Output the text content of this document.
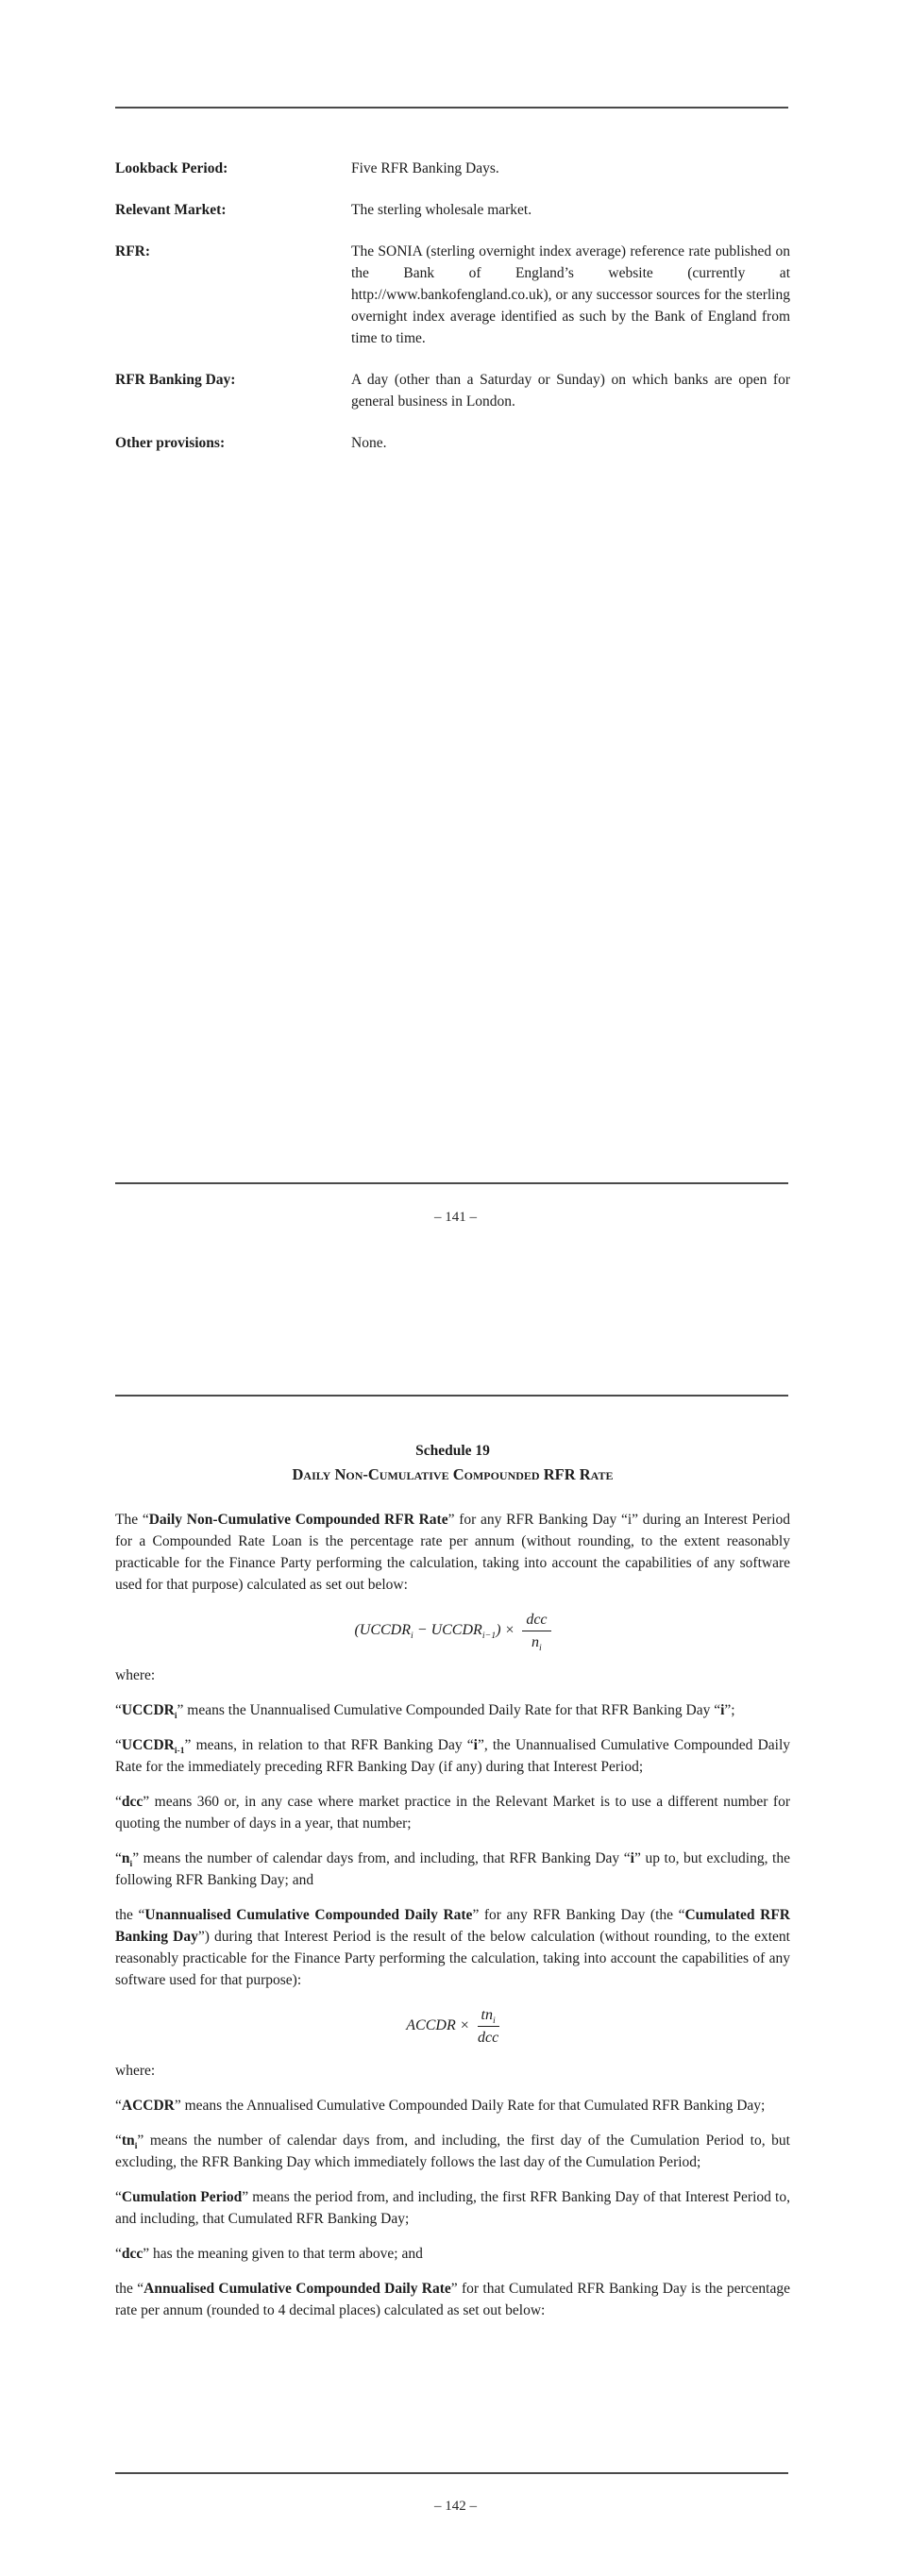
Lookback Period:	Five RFR Banking Days.
Relevant Market:	The sterling wholesale market.
RFR:	The SONIA (sterling overnight index average) reference rate published on the Bank of England’s website (currently at http://www.bankofengland.co.uk), or any successor sources for the sterling overnight index average identified as such by the Bank of England from time to time.
RFR Banking Day:	A day (other than a Saturday or Sunday) on which banks are open for general business in London.
Other provisions:	None.
– 141 –
Schedule 19
Daily Non-Cumulative Compounded RFR Rate

The “Daily Non-Cumulative Compounded RFR Rate” for any RFR Banking Day “i” during an Interest Period for a Compounded Rate Loan is the percentage rate per annum (without rounding, to the extent reasonably practicable for the Finance Party performing the calculation, taking into account the capabilities of any software used for that purpose) calculated as set out below:

($UCCDR_i$ − $UCCDR_{i-1}) \times \frac{\text{dcc}}{n_i}$

where:

“$UCCDR_i$” means the Unannualised Cumulative Compounded Daily Rate for that RFR Banking Day “i”;

“$UCCDR_{i-1}$” means, in relation to that RFR Banking Day “i”, the Unannualised Cumulative Compounded Daily Rate for the immediately preceding RFR Banking Day (if any) during that Interest Period;

“dcc” means 360 or, in any case where market practice in the Relevant Market is to use a different number for quoting the number of days in a year, that number;

“$n_i$” means the number of calendar days from, and including, that RFR Banking Day “i” up to, but excluding, the following RFR Banking Day; and

the “Unannualised Cumulative Compounded Daily Rate” for any RFR Banking Day (the “Cumulated RFR Banking Day”) during that Interest Period is the result of the below calculation (without rounding, to the extent reasonably practicable for the Finance Party performing the calculation, taking into account the capabilities of any software used for that purpose):

ACCDR × $\frac{tn_i}{\text{dcc}}$

where:

“ACCDR” means the Annualised Cumulative Compounded Daily Rate for that Cumulated RFR Banking Day;

“$tn_i$” means the number of calendar days from, and including, the first day of the Cumulation Period to, but excluding, the RFR Banking Day which immediately follows the last day of the Cumulation Period;

“Cumulation Period” means the period from, and including, the first RFR Banking Day of that Interest Period to, and including, that Cumulated RFR Banking Day;

“dcc” has the meaning given to that term above; and

the “Annualised Cumulative Compounded Daily Rate” for that Cumulated RFR Banking Day is the percentage rate per annum (rounded to 4 decimal places) calculated as set out below:

– 142 –
